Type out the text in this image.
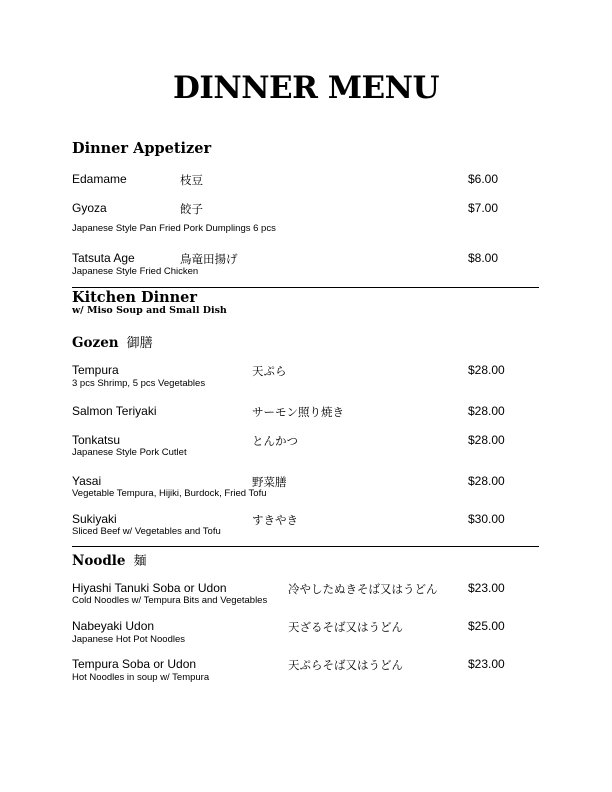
DINNER MENU
Dinner Appetizer
Edamame	枝豆	$6.00
Gyoza	餃子	$7.00
Japanese Style Pan Fried Pork Dumplings 6 pcs
Tatsuta Age	鳥竜田揚げ	$8.00
Japanese Style Fried Chicken
Kitchen Dinner
w/ Miso Soup and Small Dish
Gozen 御膳
Tempura	天ぷら	$28.00
3 pcs Shrimp, 5 pcs Vegetables
Salmon Teriyaki	サーモン照り焼き	$28.00
Tonkatsu	とんかつ	$28.00
Japanese Style Pork Cutlet
Yasai	野菜膳	$28.00
Vegetable Tempura, Hijiki, Burdock, Fried Tofu
Sukiyaki	すきやき	$30.00
Sliced Beef w/ Vegetables and Tofu
Noodle 麺
Hiyashi Tanuki Soba or Udon	冷やしたぬきそば又はうどん	$23.00
Cold Noodles w/ Tempura Bits and Vegetables
Nabeyaki Udon	天ざるそば又はうどん	$25.00
Japanese Hot Pot Noodles
Tempura Soba or Udon	天ぷらそば又はうどん	$23.00
Hot Noodles in soup w/ Tempura
